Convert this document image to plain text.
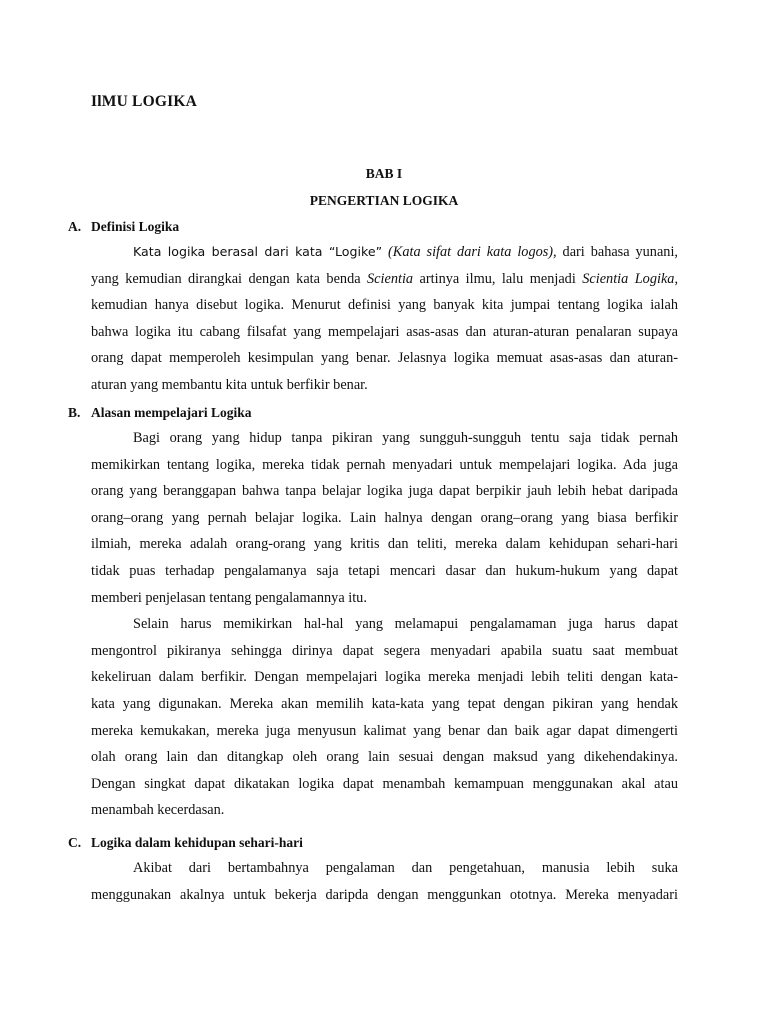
IlMU LOGIKA
BAB I
PENGERTIAN LOGIKA
A. Definisi Logika
Kata logika berasal dari kata “Logike” (Kata sifat dari kata logos), dari bahasa yunani,
yang kemudian dirangkai dengan kata benda Scientia artinya ilmu, lalu menjadi Scientia Logika,
kemudian hanya disebut logika. Menurut definisi yang banyak kita jumpai tentang logika ialah
bahwa logika itu cabang filsafat yang mempelajari asas-asas dan aturan-aturan penalaran supaya
orang dapat memperoleh kesimpulan yang benar. Jelasnya logika memuat asas-asas dan aturan-
aturan yang membantu kita untuk berfikir benar.
B. Alasan mempelajari Logika
Bagi orang yang hidup tanpa pikiran yang sungguh-sungguh tentu saja tidak pernah
memikirkan tentang logika, mereka tidak pernah menyadari untuk mempelajari logika. Ada juga
orang yang beranggapan bahwa tanpa belajar logika juga dapat berpikir jauh lebih hebat daripada
orang–orang yang pernah belajar logika. Lain halnya dengan orang–orang yang biasa berfikir
ilmiah, mereka adalah orang-orang yang kritis dan teliti, mereka dalam kehidupan sehari-hari
tidak puas terhadap pengalamanya saja tetapi mencari dasar dan hukum-hukum yang dapat
memberi penjelasan tentang pengalamannya itu.
Selain harus memikirkan hal-hal yang melamapui pengalamaman juga harus dapat
mengontrol pikiranya sehingga dirinya dapat segera menyadari apabila suatu saat membuat
kekeliruan dalam berfikir. Dengan mempelajari logika mereka menjadi lebih teliti dengan kata-
kata yang digunakan. Mereka akan memilih kata-kata yang tepat dengan pikiran yang hendak
mereka kemukakan, mereka juga menyusun kalimat yang benar dan baik agar dapat dimengerti
olah orang lain dan ditangkap oleh orang lain sesuai dengan maksud yang dikehendakinya.
Dengan singkat dapat dikatakan logika dapat menambah kemampuan menggunakan akal atau
menambah kecerdasan.
C. Logika dalam kehidupan sehari-hari
Akibat dari bertambahnya pengalaman dan pengetahuan, manusia lebih suka
menggunakan akalnya untuk bekerja daripda dengan menggunkan ototnya. Mereka menyadari
